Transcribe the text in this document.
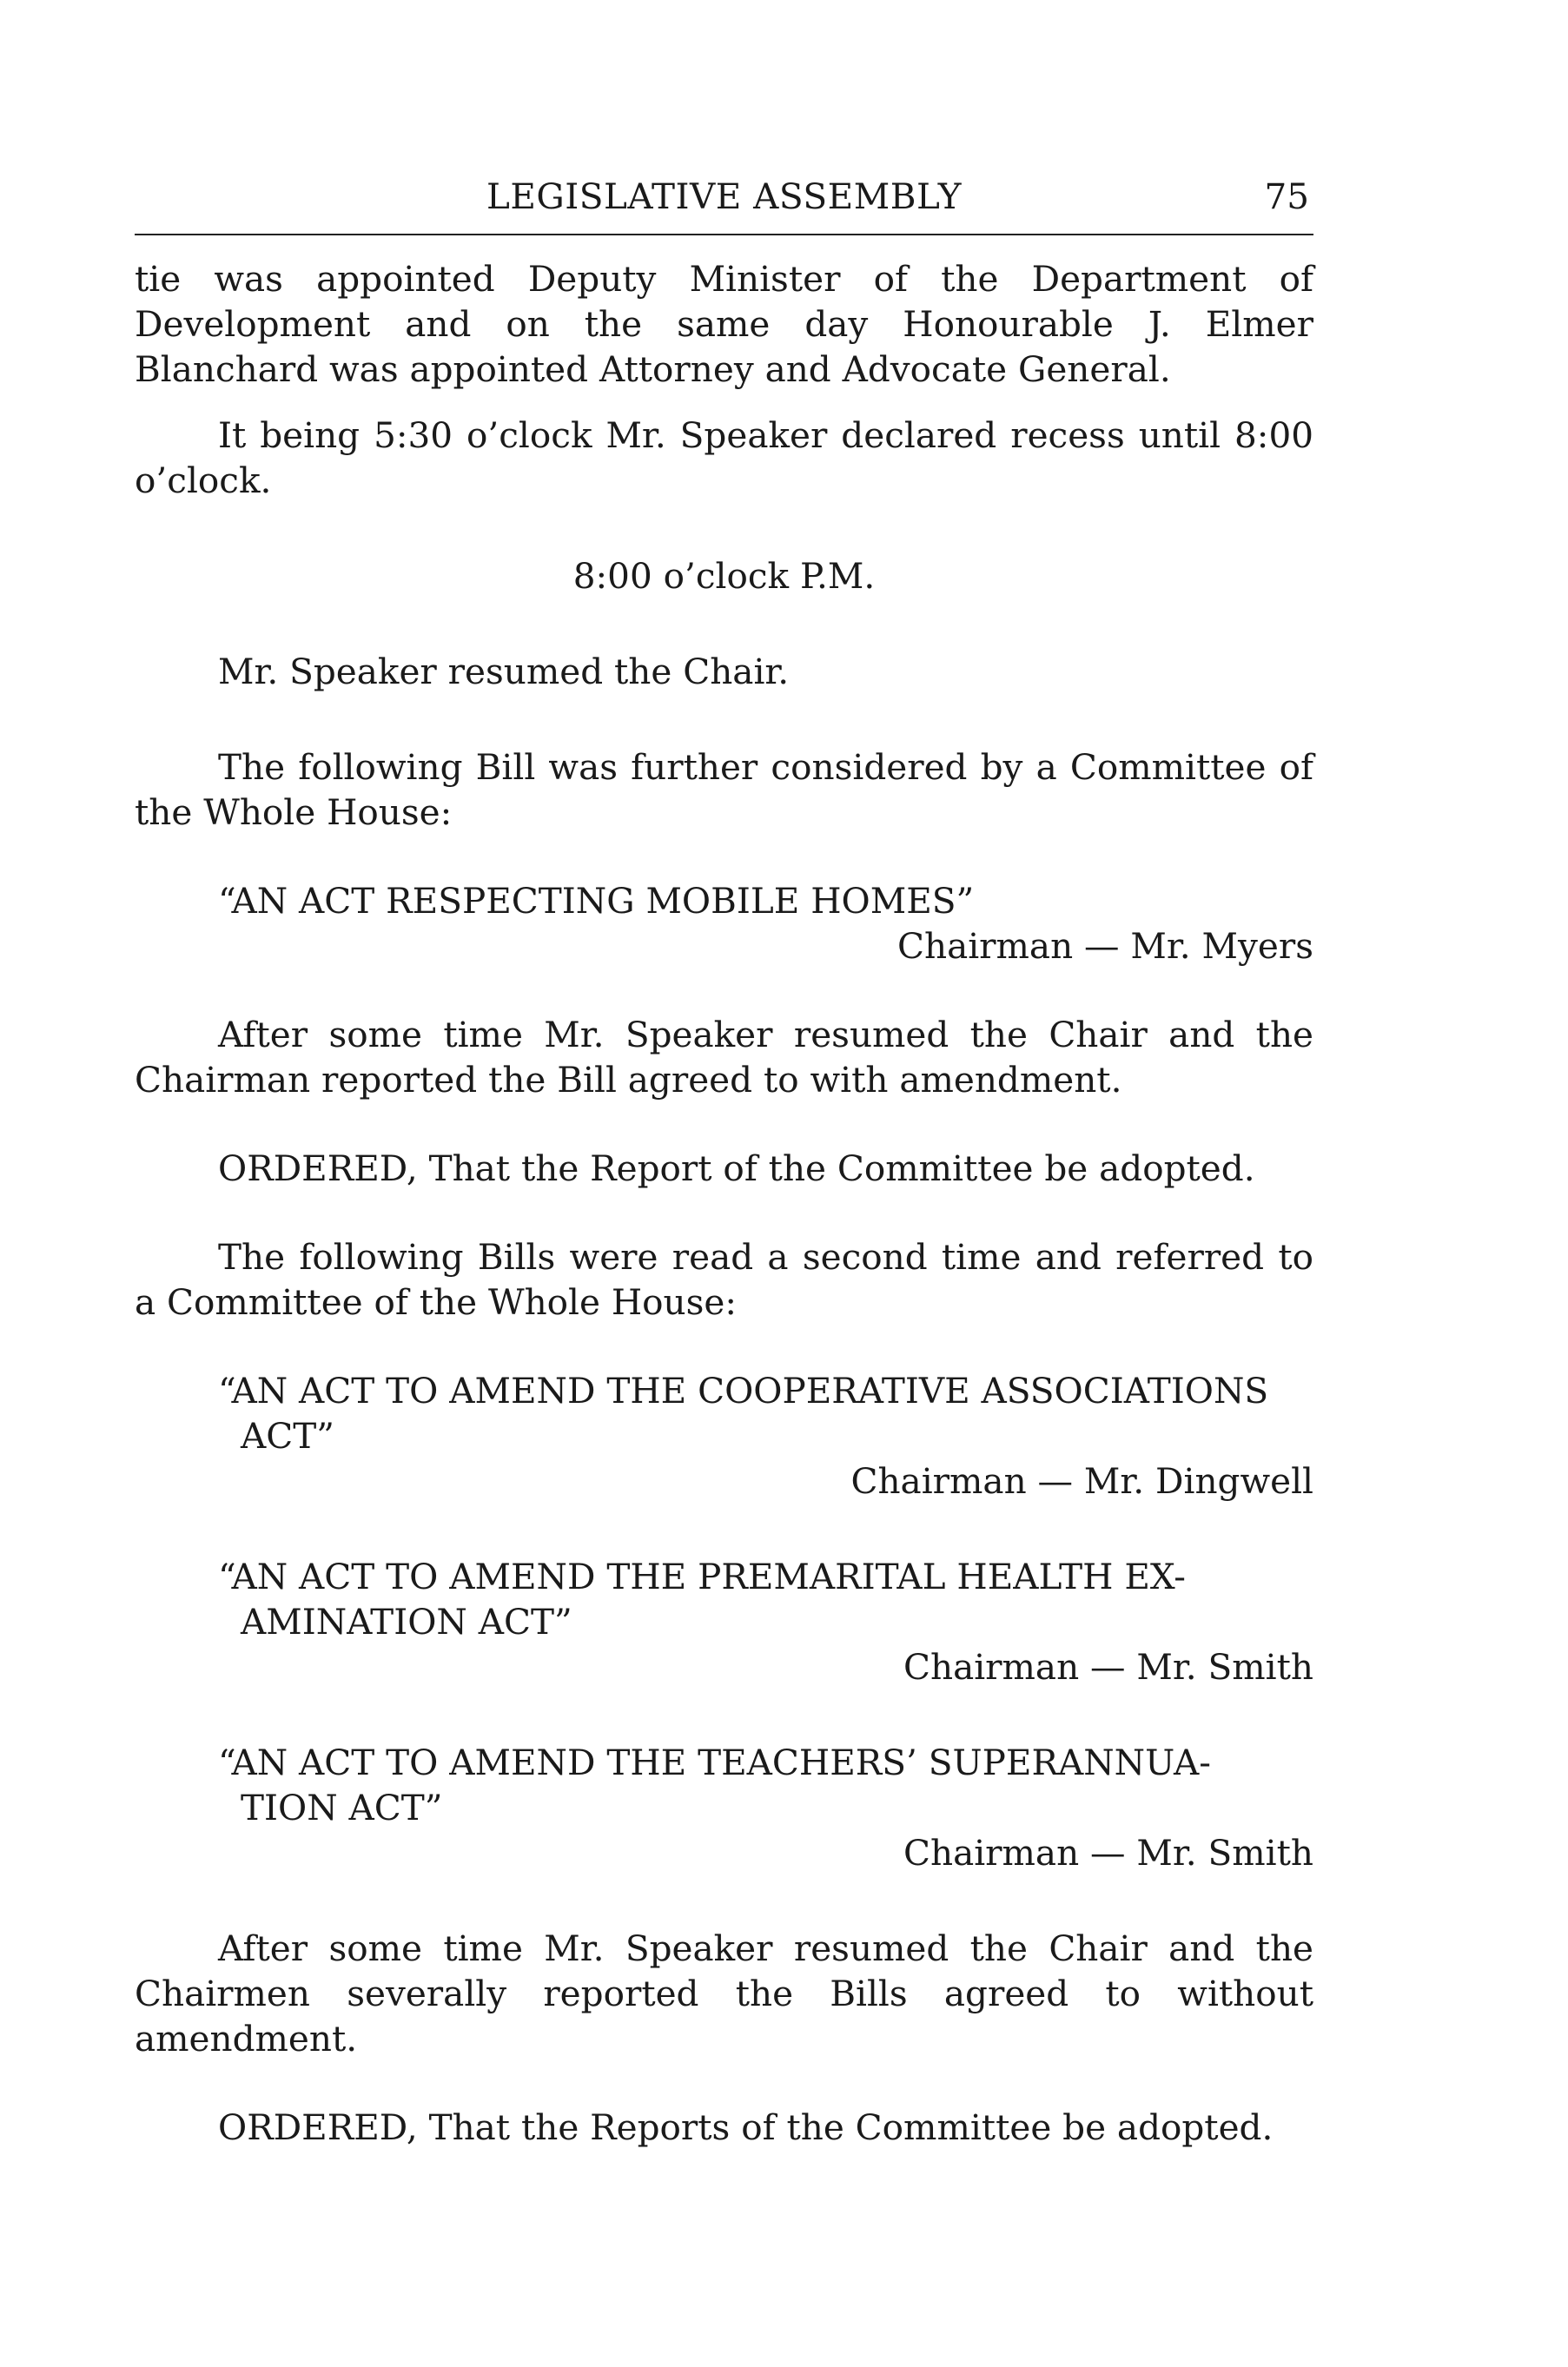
LEGISLATIVE ASSEMBLY	75

tie was appointed Deputy Minister of the Department of Development and on the same day Honourable J. Elmer Blanchard was appointed Attorney and Advocate General.

It being 5:30 o’clock Mr. Speaker declared recess until 8:00 o’clock.

8:00 o’clock P.M.

Mr. Speaker resumed the Chair.

The following Bill was further considered by a Committee of the Whole House:

“AN ACT RESPECTING MOBILE HOMES”

Chairman — Mr. Myers

After some time Mr. Speaker resumed the Chair and the Chairman reported the Bill agreed to with amendment.

ORDERED, That the Report of the Committee be adopted.

The following Bills were read a second time and referred to a Committee of the Whole House:

“AN ACT TO AMEND THE COOPERATIVE ASSOCIATIONS
ACT”

Chairman — Mr. Dingwell

“AN ACT TO AMEND THE PREMARITAL HEALTH EX-
AMINATION ACT”

Chairman — Mr. Smith

“AN ACT TO AMEND THE TEACHERS’ SUPERANNUA-
TION ACT”

Chairman — Mr. Smith

After some time Mr. Speaker resumed the Chair and the Chairmen severally reported the Bills agreed to without amendment.

ORDERED, That the Reports of the Committee be adopted.
